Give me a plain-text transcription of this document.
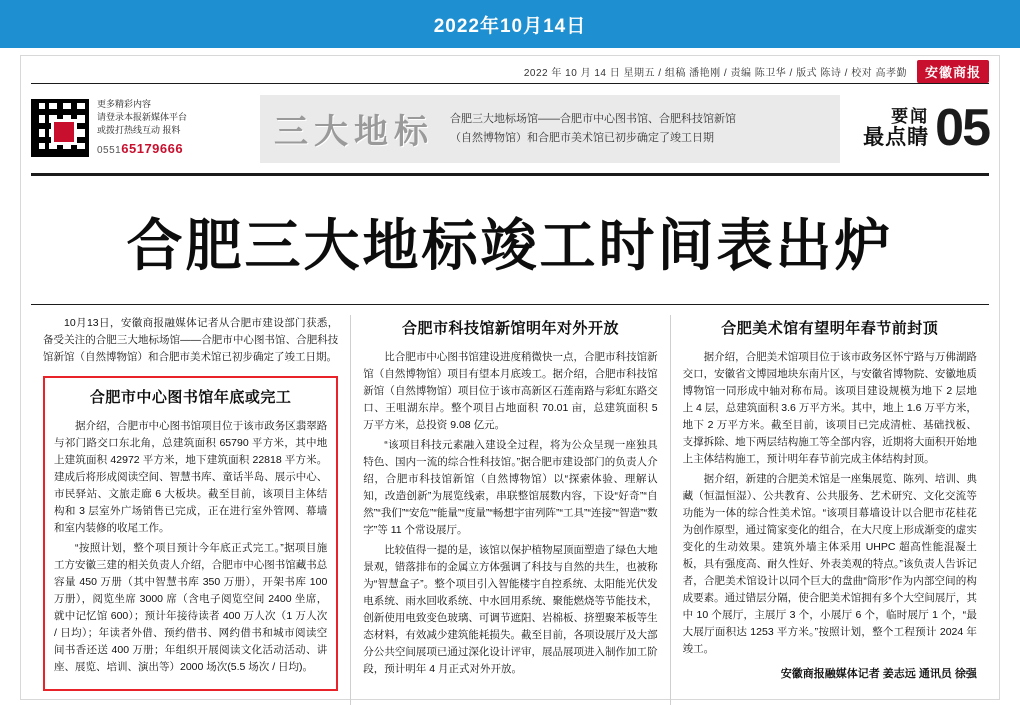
2022年10月14日
2022 年 10 月 14 日 星期五 / 组稿 潘艳刚 / 责编 陈卫华 / 版式 陈诗 / 校对 高孝勤	安徽商报
更多精彩内容
请登录本报新媒体平台
或拨打热线互动 报料
055165179666	三大地标 合肥三大地标场馆——合肥市中心图书馆、合肥科技馆新馆（自然博物馆）和合肥市美术馆已初步确定了竣工日期
要闻
最点睛 05
合肥三大地标竣工时间表出炉

10月13日，安徽商报融媒体记者从合肥市建设部门获悉，备受关注的合肥三大地标场馆——合肥市中心图书馆、合肥科技馆新馆（自然博物馆）和合肥市美术馆已初步确定了竣工日期。

合肥市中心图书馆年底或完工

据介绍，合肥市中心图书馆项目位于该市政务区翡翠路与祁门路交口东北角，总建筑面积 65790 平方米，其中地上建筑面积 42972 平方米，地下建筑面积 22818 平方米。建成后将形成阅读空间、智慧书库、童话半岛、展示中心、市民驿站、文旅走廊 6 大板块。截至目前，该项目主体结构和 3 层室外广场销售已完成，正在进行室外管网、幕墙和室内装修的收尾工作。

“按照计划，整个项目预计今年底正式完工。”据项目施工方安徽三建的相关负责人介绍，合肥市中心图书馆藏书总容量 450 万册（其中智慧书库 350 万册），开架书库 100 万册），阅览坐席 3000 席（含电子阅览空间 2400 坐席，就中记忆馆 600）；预计年接待读者 400 万人次（1 万人次 / 日均）；年读者外借、预约借书、网约借书和城市阅读空间书香还送 400 万册；年组织开展阅读文化活动活动、讲座、展览、培训、演出等）2000 场次(5.5 场次 / 日均)。

合肥市科技馆新馆明年对外开放

比合肥市中心图书馆建设进度稍微快一点，合肥市科技馆新馆（自然博物馆）项目有望本月底竣工。据介绍，合肥市科技馆新馆（自然博物馆）项目位于该市高新区石莲南路与彩虹东路交口、王咀湖东岸。整个项目占地面积 70.01 亩，总建筑面积 5 万平方米，总投资 9.08 亿元。

“该项目科技元素融入建设全过程，将为公众呈现一座独具特色、国内一流的综合性科技馆。”据合肥市建设部门的负责人介绍，合肥市科技馆新馆（自然博物馆）以“探索体验、理解认知，改造创新”为展览线索，串联整馆展数内容，下设“好奇”“自然”“我们”“安危”“能量”“度量”“畅想宇宙列阵”“工具”“连接”“智造”“数字”等 11 个常设展厅。

比较值得一提的是，该馆以保护植物屋顶面塑造了绿色大地景观，错落排布的金属立方体强调了科技与自然的共生，也被称为“智慧盒子”。整个项目引入智能楼宇自控系统、太阳能光伏发电系统、雨水回收系统、中水回用系统、聚能燃烧等节能技术，创新使用电致变色玻璃、可调节遮阳、岩棉板、挤塑聚苯板等生态材料，有效减少建筑能耗损失。截至目前，各项设展厅及大部分公共空间展项已通过深化设计评审，展品展项进入制作加工阶段，预计明年 4 月正式对外开放。

合肥美术馆有望明年春节前封顶

据介绍，合肥美术馆项目位于该市政务区怀宁路与万佛湖路交口，安徽省文博园地块东南片区，与安徽省博物院、安徽地质博物馆一同形成中轴对称布局。该项目建设规模为地下 2 层地上 4 层，总建筑面积 3.6 万平方米。其中，地上 1.6 万平方米，地下 2 万平方米。截至目前，该项目已完成清桩、基础找板、支撑拆除、地下两层结构施工等全部内容，近期将大面积开始地上主体结构施工，预计明年春节前完成主体结构封顶。

据介绍，新建的合肥美术馆是一座集展览、陈列、培训、典藏（恒温恒湿）、公共教育、公共服务、艺术研究、文化交流等功能为一体的综合性美术馆。“该项目幕墙设计以合肥市花桂花为创作原型，通过简家变化的组合，在大尺度上形成渐变的虚实变化的生动效果。建筑外墙主体采用 UHPC 超高性能混凝土板，具有强度高、耐久性好、外表美观的特点。”该负责人告诉记者，合肥美术馆设计以同个巨大的盘曲“筒形”作为内部空间的构成要素。通过错层分隔，使合肥美术馆拥有多个大空间展厅，其中 10 个展厅，主展厅 3 个，小展厅 6 个，临时展厅 1 个，“最大展厅面积达 1253 平方米。”按照计划，整个工程预计 2024 年竣工。

安徽商报融媒体记者 姜志远 通讯员 徐强
